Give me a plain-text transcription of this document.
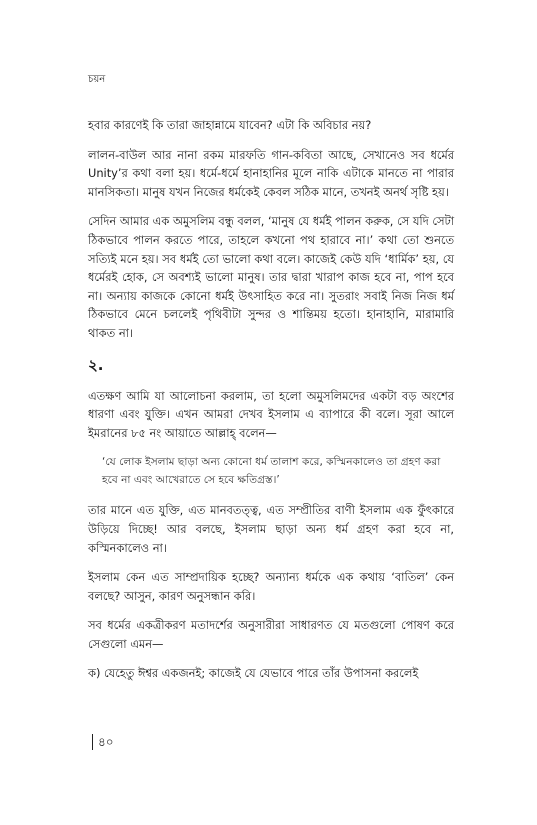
চয়ন

হবার কারণেই কি তারা জাহান্নামে যাবেন? এটা কি অবিচার নয়?

লালন-বাউল আর নানা রকম মারফতি গান-কবিতা আছে, সেখানেও সব ধর্মের Unity’র কথা বলা হয়। ধর্মে-ধর্মে হানাহানির মূলে নাকি এটাকে মানতে না পারার মানসিকতা। মানুষ যখন নিজের ধর্মকেই কেবল সঠিক মানে, তখনই অনর্থ সৃষ্টি হয়।

সেদিন আমার এক অমুসলিম বন্ধু বলল, ‘মানুষ যে ধর্মই পালন করুক, সে যদি সেটা ঠিকভাবে পালন করতে পারে, তাহলে কখনো পথ হারাবে না।’ কথা তো শুনতে সত্যিই মনে হয়। সব ধর্মই তো ভালো কথা বলে। কাজেই কেউ যদি ‘ধার্মিক’ হয়, যে ধর্মেরই হোক, সে অবশ্যই ভালো মানুষ। তার দ্বারা খারাপ কাজ হবে না, পাপ হবে না। অন্যায় কাজকে কোনো ধর্মই উৎসাহিত করে না। সুতরাং সবাই নিজ নিজ ধর্ম ঠিকভাবে মেনে চললেই পৃথিবীটা সুন্দর ও শান্তিময় হতো। হানাহানি, মারামারি থাকত না।

২.

এতক্ষণ আমি যা আলোচনা করলাম, তা হলো অমুসলিমদের একটা বড় অংশের ধারণা এবং যুক্তি। এখন আমরা দেখব ইসলাম এ ব্যাপারে কী বলে। সূরা আলে ইমরানের ৮৫ নং আয়াতে আল্লাহ্ বলেন—

‘যে লোক ইসলাম ছাড়া অন্য কোনো ধর্ম তালাশ করে, কস্মিনকালেও তা গ্রহণ করা হবে না এবং আখেরাতে সে হবে ক্ষতিগ্রস্ত।’

তার মানে এত যুক্তি, এত মানবতত্ত্ব, এত সম্প্রীতির বাণী ইসলাম এক ফুঁৎকারে উড়িয়ে দিচ্ছে! আর বলছে, ইসলাম ছাড়া অন্য ধর্ম গ্রহণ করা হবে না, কস্মিনকালেও না।

ইসলাম কেন এত সাম্প্রদায়িক হচ্ছে? অন্যান্য ধর্মকে এক কথায় ‘বাতিল’ কেন বলছে? আসুন, কারণ অনুসন্ধান করি।

সব ধর্মের একত্রীকরণ মতাদর্শের অনুসারীরা সাধারণত যে মতগুলো পোষণ করে সেগুলো এমন—

ক) যেহেতু ঈশ্বর একজনই; কাজেই যে যেভাবে পারে তাঁর উপাসনা করলেই

৪০
